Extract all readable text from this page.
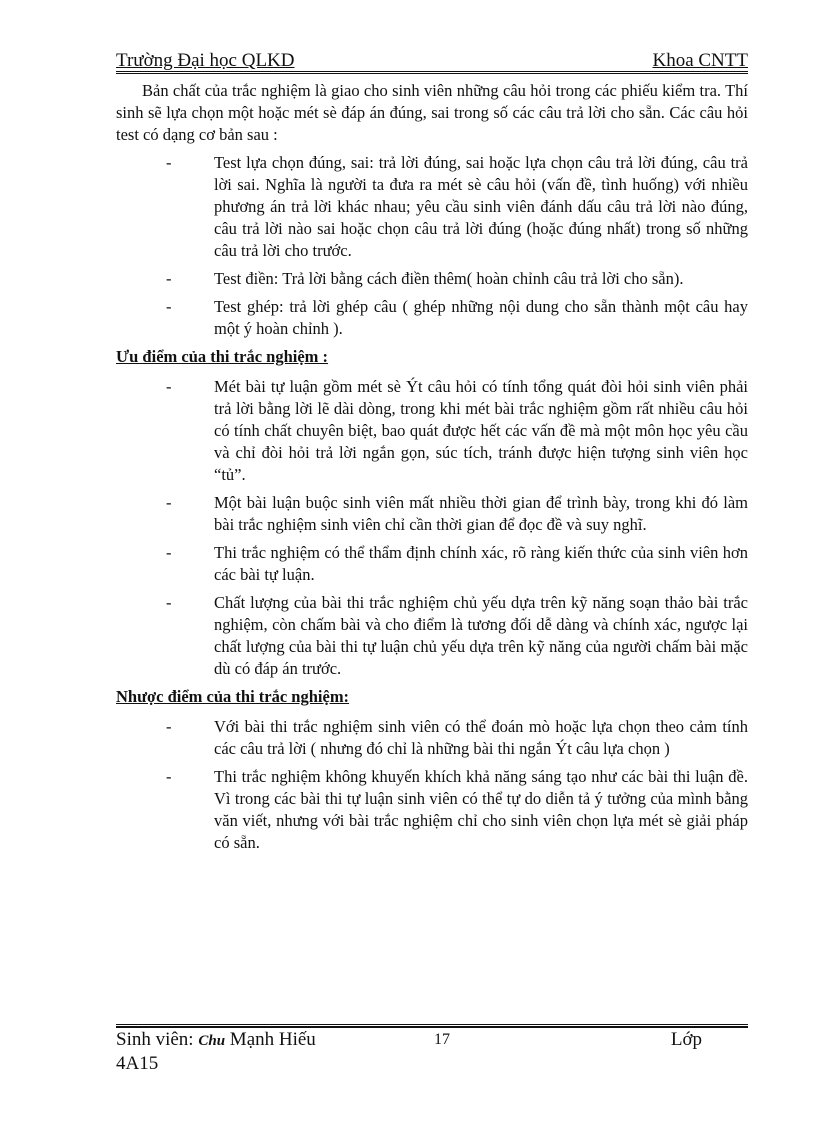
Trường Đại học QLKD	Khoa CNTT

Bản chất của trắc nghiệm là giao cho sinh viên những câu hỏi trong các phiếu kiểm tra. Thí sinh sẽ lựa chọn một hoặc mét sè đáp án đúng, sai trong số các câu trả lời cho sẵn. Các câu hỏi test có dạng cơ bản sau :

-	Test lựa chọn đúng, sai: trả lời đúng, sai hoặc lựa chọn câu trả lời đúng, câu trả lời sai. Nghĩa là người ta đưa ra mét sè câu hỏi (vấn đề, tình huống) với nhiều phương án trả lời khác nhau; yêu cầu sinh viên đánh dấu câu trả lời nào đúng, câu trả lời nào sai hoặc chọn câu trả lời đúng (hoặc đúng nhất) trong số những câu trả lời cho trước.
-	Test điền: Trả lời bằng cách điền thêm( hoàn chỉnh câu trả lời cho sẵn).
-	Test ghép: trả lời ghép câu ( ghép những nội dung cho sẵn thành một câu hay một ý hoàn chỉnh ).
Ưu điểm của thi trắc nghiệm :
-	Mét bài tự luận gồm mét sè Ýt câu hỏi có tính tổng quát đòi hỏi sinh viên phải trả lời bằng lời lẽ dài dòng, trong khi mét bài trắc nghiệm gồm rất nhiều câu hỏi có tính chất chuyên biệt, bao quát được hết các vấn đề mà một môn học yêu cầu và chỉ đòi hỏi trả lời ngắn gọn, súc tích, tránh được hiện tượng sinh viên học “tủ”.
-	Một bài luận buộc sinh viên mất nhiều thời gian để trình bày, trong khi đó làm bài trắc nghiệm sinh viên chỉ cần thời gian để đọc đề và suy nghĩ.
-	Thi trắc nghiệm có thể thẩm định chính xác, rõ ràng kiến thức của sinh viên hơn các bài tự luận.
-	Chất lượng của bài thi trắc nghiệm chủ yếu dựa trên kỹ năng soạn thảo bài trắc nghiệm, còn chấm bài và cho điểm là tương đối dễ dàng và chính xác, ngược lại chất lượng của bài thi tự luận chủ yếu dựa trên kỹ năng của người chấm bài mặc dù có đáp án trước.
Nhược điểm của thi trắc nghiệm:
-	Với bài thi trắc nghiệm sinh viên có thể đoán mò hoặc lựa chọn theo cảm tính các câu trả lời ( nhưng đó chỉ là những bài thi ngắn Ýt câu lựa chọn )
-	Thi trắc nghiệm không khuyến khích khả năng sáng tạo như các bài thi luận đề. Vì trong các bài thi tự luận sinh viên có thể tự do diễn tả ý tưởng của mình bằng văn viết, nhưng với bài trắc nghiệm chỉ cho sinh viên chọn lựa mét sè giải pháp có sẵn.
Sinh viên: Chu Mạnh Hiếu	17	Lớp
4A15
